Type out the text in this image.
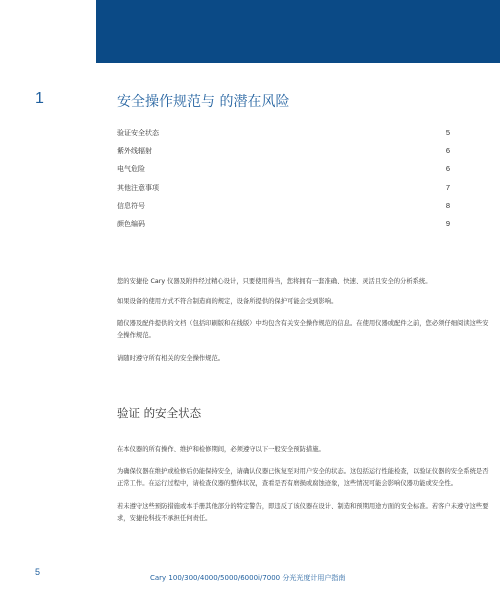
1	安全操作规范与 的潜在风险
验证安全状态	5
紫外线辐射	6
电气危险	6
其他注意事项	7
信息符号	8
颜色编码	9

您的安捷伦 Cary 仪器及附件经过精心设计，只要使用得当，您将拥有一套准确、快速、灵活且安全的分析系统。

如果设备的使用方式不符合制造商的规定，设备所提供的保护可能会受到影响。

随仪器及配件提供的文档（包括印刷版和在线版）中均包含有关安全操作规范的信息。在使用仪器或配件之前，您必须仔细阅读这些安全操作规范。

请随时遵守所有相关的安全操作规范。

验证 的安全状态

在本仪器的所有操作、维护和检修期间，必须遵守以下一般安全预防措施。

为确保仪器在维护或检修后仍能保持安全，请确认仪器已恢复至对用户安全的状态。这包括运行性能检查，以验证仪器的安全系统是否正常工作。在运行过程中，请检查仪器的整体状况，查看是否有磨损或腐蚀迹象，这些情况可能会影响仪器功能或安全性。

若未遵守这些预防措施或本手册其他部分的特定警告，即违反了该仪器在设计、制造和预期用途方面的安全标准。若客户未遵守这些要求，安捷伦科技不承担任何责任。

5
Cary 100/300/4000/5000/6000i/7000 分光光度计用户指南
